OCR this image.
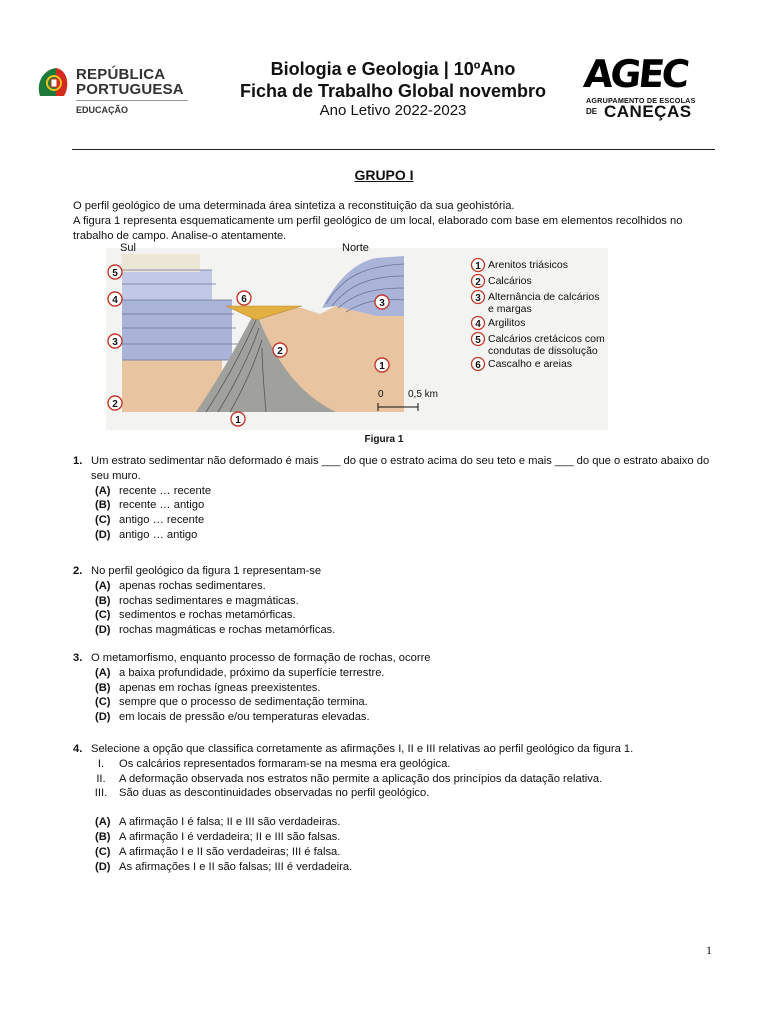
REPÚBLICA
PORTUGUESA
EDUCAÇÃO
Biologia e Geologia | 10ºAno
Ficha de Trabalho Global novembro
Ano Letivo 2022-2023
AGEC
AGRUPAMENTO DE ESCOLAS
DE CANEÇAS
GRUPO I
O perfil geológico de uma determinada área sintetiza a reconstituição da sua geohistória.
A figura 1 representa esquematicamente um perfil geológico de um local, elaborado com base em elementos recolhidos no trabalho de campo. Analise-o atentamente.
5
4
3
2
1
6
2
3
1
1
2
3
4
5
6
Sul	Norte
0 0,5 km
Arenitos triásicos
Calcários
Alternância de calcários
e margas
Argilitos
Calcários cretácicos com
condutas de dissolução
Cascalho e areias
Figura 1
1. Um estrato sedimentar não deformado é mais ___ do que o estrato acima do seu teto e mais ___ do que o estrato abaixo do seu muro.
(A) recente … recente
(B) recente … antigo
(C) antigo … recente
(D) antigo … antigo
2. No perfil geológico da figura 1 representam-se
(A) apenas rochas sedimentares.
(B) rochas sedimentares e magmáticas.
(C) sedimentos e rochas metamórficas.
(D) rochas magmáticas e rochas metamórficas.
3. O metamorfismo, enquanto processo de formação de rochas, ocorre
(A) a baixa profundidade, próximo da superfície terrestre.
(B) apenas em rochas ígneas preexistentes.
(C) sempre que o processo de sedimentação termina.
(D) em locais de pressão e/ou temperaturas elevadas.
4. Selecione a opção que classifica corretamente as afirmações I, II e III relativas ao perfil geológico da figura 1.
I. Os calcários representados formaram-se na mesma era geológica.
II. A deformação observada nos estratos não permite a aplicação dos princípios da datação relativa.
III. São duas as descontinuidades observadas no perfil geológico.
(A) A afirmação I é falsa; II e III são verdadeiras.
(B) A afirmação I é verdadeira; II e III são falsas.
(C) A afirmação I e II são verdadeiras; III é falsa.
(D) As afirmações I e II são falsas; III é verdadeira.
1
